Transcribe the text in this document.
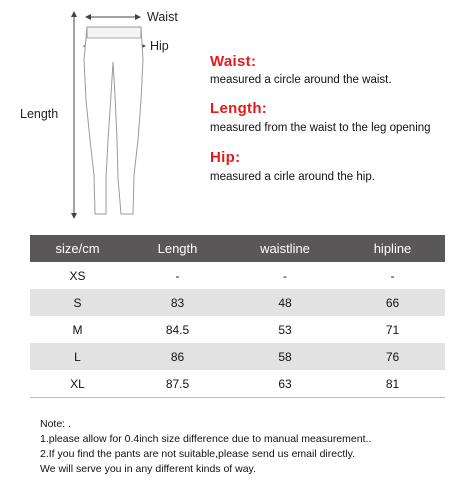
Waist
Hip
Length
Waist:
measured a circle around the waist.
Length:
measured from the waist to the leg opening
Hip:
measured a cirle around the hip.
size/cm	Length	waistline	hipline
XS	-	-	-
S	83	48	66
M	84.5	53	71
L	86	58	76
XL	87.5	63	81
Note: .
1.please allow for 0.4inch size difference due to manual measurement..
2.If you find the pants are not suitable,please send us email directly.
We will serve you in any different kinds of way.
